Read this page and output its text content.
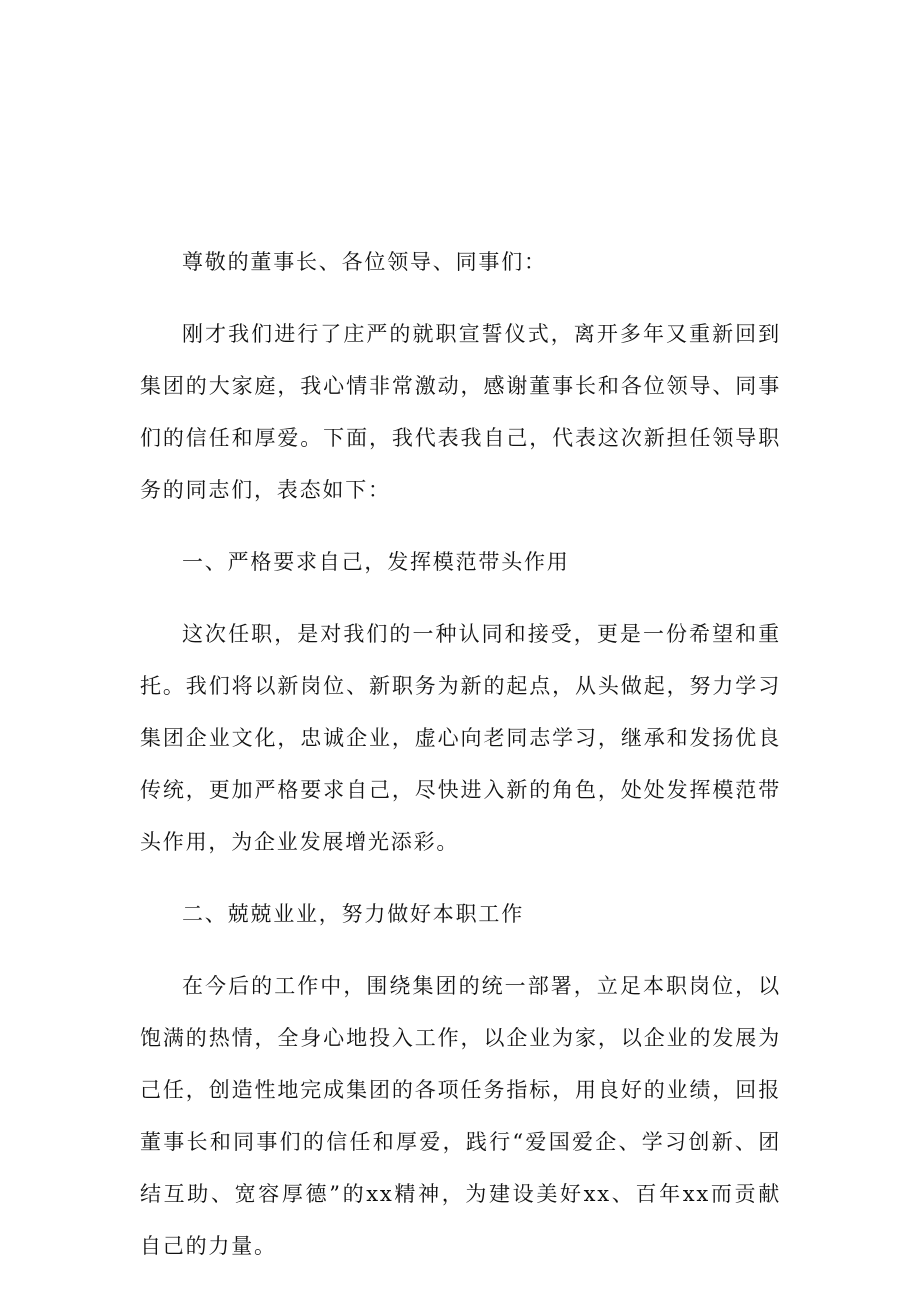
尊敬的董事长、各位领导、同事们：

刚才我们进行了庄严的就职宣誓仪式，离开多年又重新回到集团的大家庭，我心情非常激动，感谢董事长和各位领导、同事们的信任和厚爱。下面，我代表我自己，代表这次新担任领导职务的同志们，表态如下：

一、严格要求自己，发挥模范带头作用

这次任职，是对我们的一种认同和接受，更是一份希望和重托。我们将以新岗位、新职务为新的起点，从头做起，努力学习集团企业文化，忠诚企业，虚心向老同志学习，继承和发扬优良传统，更加严格要求自己，尽快进入新的角色，处处发挥模范带头作用，为企业发展增光添彩。

二、兢兢业业，努力做好本职工作

在今后的工作中，围绕集团的统一部署，立足本职岗位，以饱满的热情，全身心地投入工作，以企业为家，以企业的发展为己任，创造性地完成集团的各项任务指标，用良好的业绩，回报董事长和同事们的信任和厚爱，践行“爱国爱企、学习创新、团结互助、宽容厚德”的xx精神，为建设美好xx、百年xx而贡献自己的力量。
